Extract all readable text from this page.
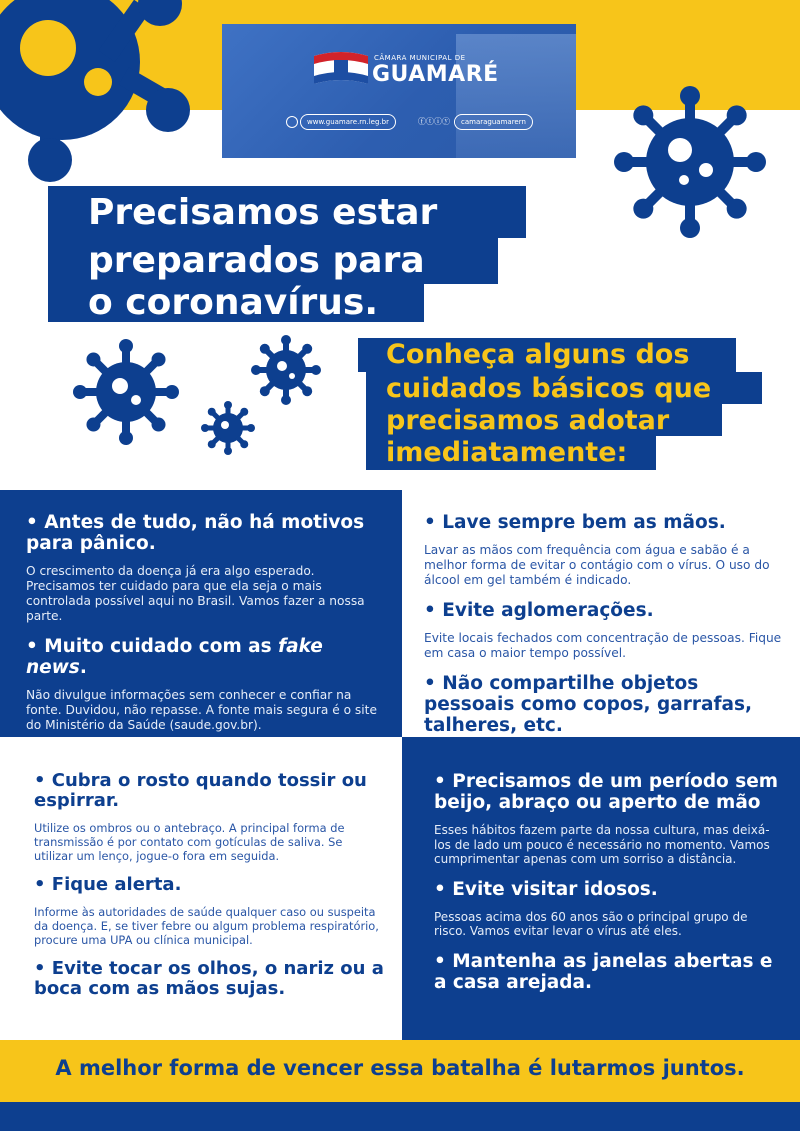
CÂMARA MUNICIPAL DE
GUAMARÉ
www.guamare.rn.leg.br	ⓕⓣⓘⓨ	camaraguamarern
Precisamos estar
preparados para
o coronavírus.
Conheça alguns dos
cuidados básicos que
precisamos adotar
imediatamente:
• Antes de tudo, não há motivos para pânico.
O crescimento da doença já era algo esperado. Precisamos ter cuidado para que ela seja o mais controlada possível aqui no Brasil. Vamos fazer a nossa parte.
• Muito cuidado com as fake news.
Não divulgue informações sem conhecer e confiar na fonte. Duvidou, não repasse. A fonte mais segura é o site do Ministério da Saúde (saude.gov.br).
• Lave sempre bem as mãos.
Lavar as mãos com frequência com água e sabão é a melhor forma de evitar o contágio com o vírus. O uso do álcool em gel também é indicado.
• Evite aglomerações.
Evite locais fechados com concentração de pessoas. Fique em casa o maior tempo possível.
• Não compartilhe objetos pessoais como copos, garrafas, talheres, etc.
• Cubra o rosto quando tossir ou espirrar.
Utilize os ombros ou o antebraço. A principal forma de transmissão é por contato com gotículas de saliva. Se utilizar um lenço, jogue-o fora em seguida.
• Fique alerta.
Informe às autoridades de saúde qualquer caso ou suspeita da doença. E, se tiver febre ou algum problema respiratório, procure uma UPA ou clínica municipal.
• Evite tocar os olhos, o nariz ou a boca com as mãos sujas.
• Precisamos de um período sem beijo, abraço ou aperto de mão
Esses hábitos fazem parte da nossa cultura, mas deixá-los de lado um pouco é necessário no momento. Vamos cumprimentar apenas com um sorriso a distância.
• Evite visitar idosos.
Pessoas acima dos 60 anos são o principal grupo de risco. Vamos evitar levar o vírus até eles.
• Mantenha as janelas abertas e a casa arejada.
A melhor forma de vencer essa batalha é lutarmos juntos.
